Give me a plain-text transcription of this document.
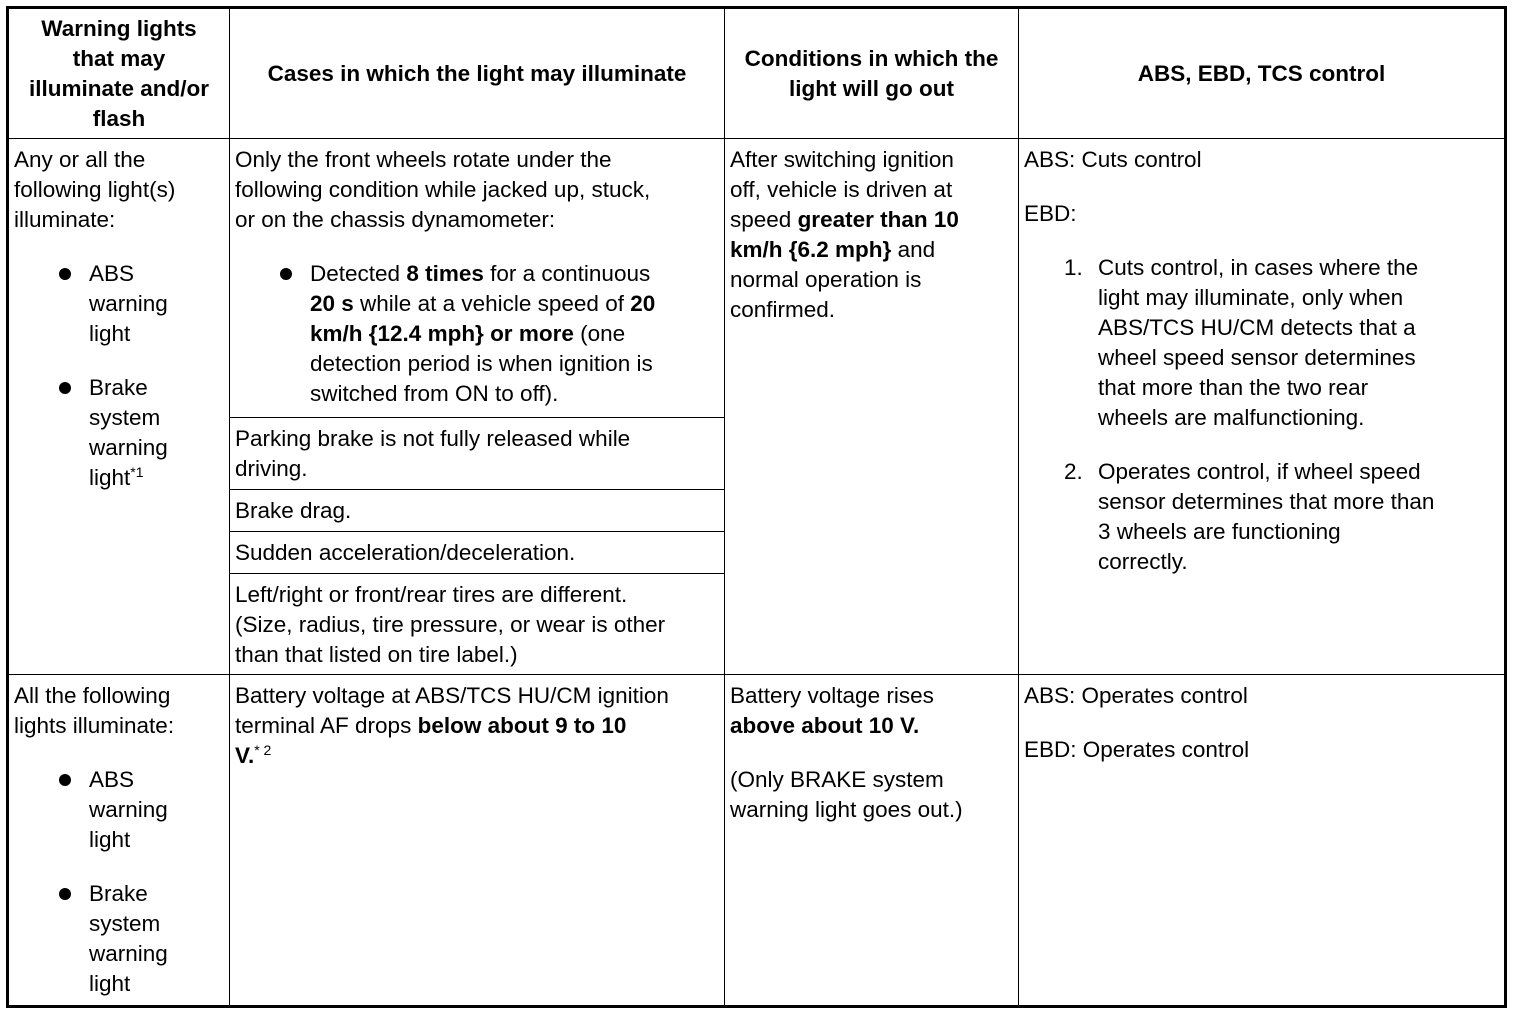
Warning lights
that may
illuminate and/or
flash
Cases in which the light may illuminate
Conditions in which the
light will go out
ABS, EBD, TCS control
Any or all the
following light(s)
illuminate:
ABS
warning
light
Brake
system
warning
light$^{*1}$
Only the front wheels rotate under the
following condition while jacked up, stuck,
or on the chassis dynamometer:
Detected 8 times for a continuous
20 s while at a vehicle speed of 20
km/h {12.4 mph} or more (one
detection period is when ignition is
switched from ON to off).
Parking brake is not fully released while
driving.
Brake drag.
Sudden acceleration/deceleration.
Left/right or front/rear tires are different.
(Size, radius, tire pressure, or wear is other
than that listed on tire label.)
After switching ignition
off, vehicle is driven at
speed greater than 10
km/h {6.2 mph} and
normal operation is
confirmed.
ABS: Cuts control
EBD:
1. Cuts control, in cases where the
light may illuminate, only when
ABS/TCS HU/CM detects that a
wheel speed sensor determines
that more than the two rear
wheels are malfunctioning.
2. Operates control, if wheel speed
sensor determines that more than
3 wheels are functioning
correctly.
All the following
lights illuminate:
ABS
warning
light
Brake
system
warning
light
Battery voltage at ABS/TCS HU/CM ignition
terminal AF drops below about 9 to 10
V.$^{* 2}$
Battery voltage rises
above about 10 V.
(Only BRAKE system
warning light goes out.)
ABS: Operates control
EBD: Operates control
